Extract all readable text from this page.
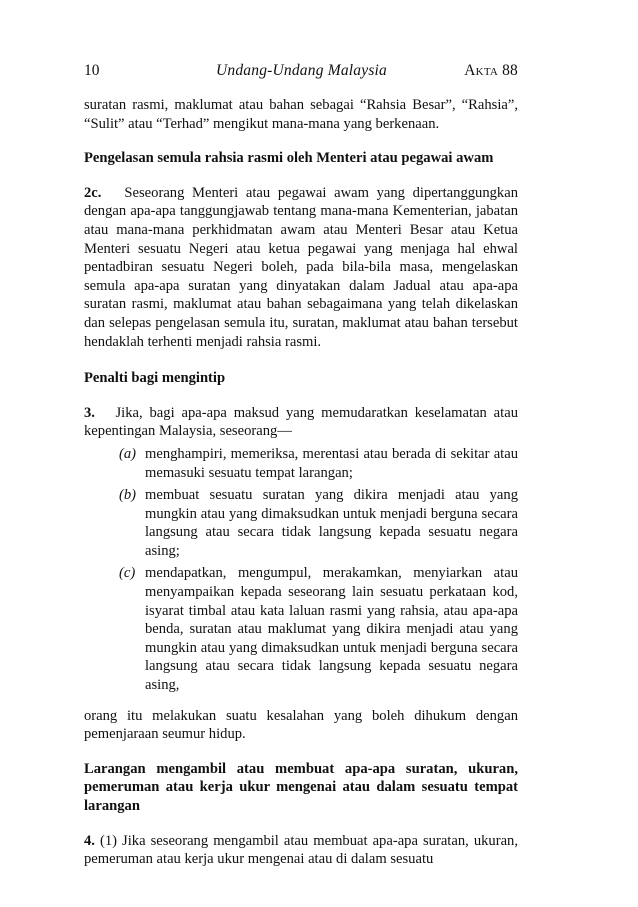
10	Undang-Undang Malaysia	Akta 88

suratan rasmi, maklumat atau bahan sebagai “Rahsia Besar”, “Rahsia”, “Sulit” atau “Terhad” mengikut mana-mana yang berkenaan.

Pengelasan semula rahsia rasmi oleh Menteri atau pegawai awam

2c. Seseorang Menteri atau pegawai awam yang dipertanggungkan dengan apa-apa tanggungjawab tentang mana-mana Kementerian, jabatan atau mana-mana perkhidmatan awam atau Menteri Besar atau Ketua Menteri sesuatu Negeri atau ketua pegawai yang menjaga hal ehwal pentadbiran sesuatu Negeri boleh, pada bila-bila masa, mengelaskan semula apa-apa suratan yang dinyatakan dalam Jadual atau apa-apa suratan rasmi, maklumat atau bahan sebagaimana yang telah dikelaskan dan selepas pengelasan semula itu, suratan, maklumat atau bahan tersebut hendaklah terhenti menjadi rahsia rasmi.

Penalti bagi mengintip

3. Jika, bagi apa-apa maksud yang memudaratkan keselamatan atau kepentingan Malaysia, seseorang—

(a) menghampiri, memeriksa, merentasi atau berada di sekitar atau memasuki sesuatu tempat larangan;
(b) membuat sesuatu suratan yang dikira menjadi atau yang mungkin atau yang dimaksudkan untuk menjadi berguna secara langsung atau secara tidak langsung kepada sesuatu negara asing;
(c) mendapatkan, mengumpul, merakamkan, menyiarkan atau menyampaikan kepada seseorang lain sesuatu perkataan kod, isyarat timbal atau kata laluan rasmi yang rahsia, atau apa-apa benda, suratan atau maklumat yang dikira menjadi atau yang mungkin atau yang dimaksudkan untuk menjadi berguna secara langsung atau secara tidak langsung kepada sesuatu negara asing,

orang itu melakukan suatu kesalahan yang boleh dihukum dengan pemenjaraan seumur hidup.

Larangan mengambil atau membuat apa-apa suratan, ukuran, pemeruman atau kerja ukur mengenai atau dalam sesuatu tempat larangan

4. (1) Jika seseorang mengambil atau membuat apa-apa suratan, ukuran, pemeruman atau kerja ukur mengenai atau di dalam sesuatu
